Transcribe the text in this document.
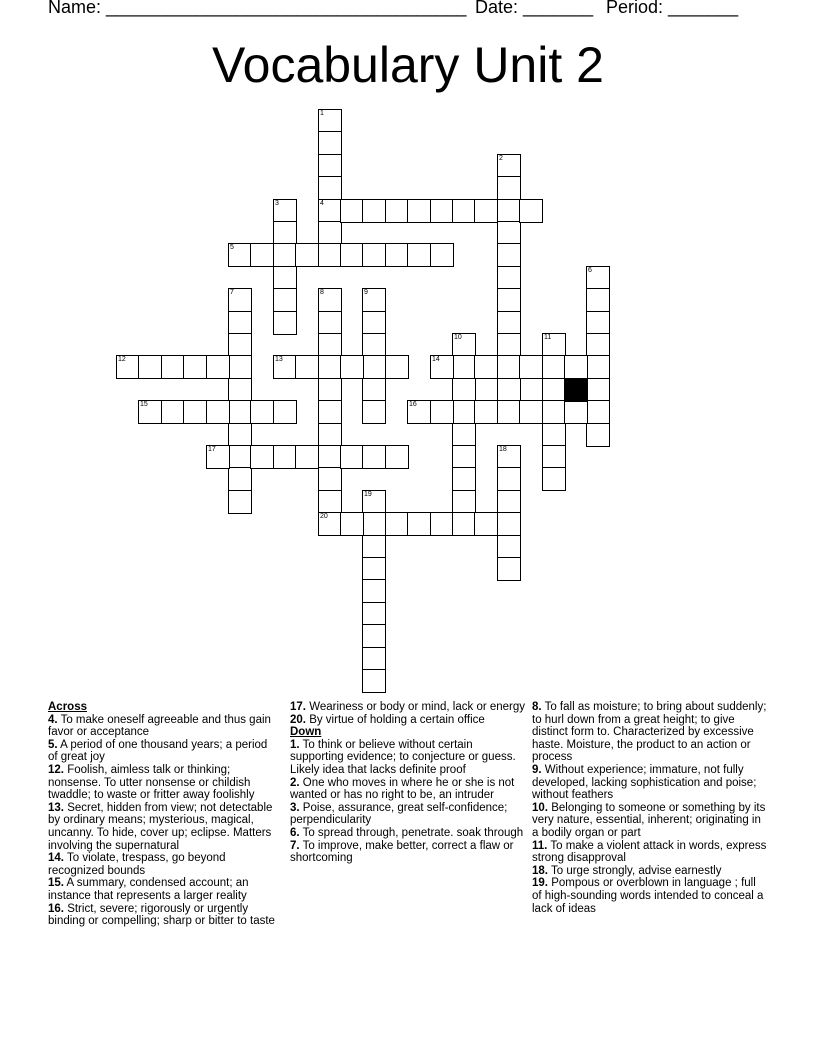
Name: ____________________________________ Date: _______ Period: _______
Vocabulary Unit 2
1
4
2
3
5
6
7	8
20
9
10	11
12	13	14
15	16
17	18
19
Across
4. To make oneself agreeable and thus gain favor or acceptance
5. A period of one thousand years; a period of great joy
12. Foolish, aimless talk or thinking; nonsense. To utter nonsense or childish twaddle; to waste or fritter away foolishly
13. Secret, hidden from view; not detectable by ordinary means; mysterious, magical, uncanny. To hide, cover up; eclipse. Matters involving the supernatural
14. To violate, trespass, go beyond recognized bounds
15. A summary, condensed account; an instance that represents a larger reality
16. Strict, severe; rigorously or urgently binding or compelling; sharp or bitter to taste
17. Weariness or body or mind, lack or energy
20. By virtue of holding a certain office
Down
1. To think or believe without certain supporting evidence; to conjecture or guess. Likely idea that lacks definite proof
2. One who moves in where he or she is not wanted or has no right to be, an intruder
3. Poise, assurance, great self-confidence; perpendicularity
6. To spread through, penetrate. soak through
7. To improve, make better, correct a flaw or shortcoming
8. To fall as moisture; to bring about suddenly; to hurl down from a great height; to give distinct form to. Characterized by excessive haste. Moisture, the product to an action or process
9. Without experience; immature, not fully developed, lacking sophistication and poise; without feathers
10. Belonging to someone or something by its very nature, essential, inherent; originating in a bodily organ or part
11. To make a violent attack in words, express strong disapproval
18. To urge strongly, advise earnestly
19. Pompous or overblown in language ; full of high-sounding words intended to conceal a lack of ideas
